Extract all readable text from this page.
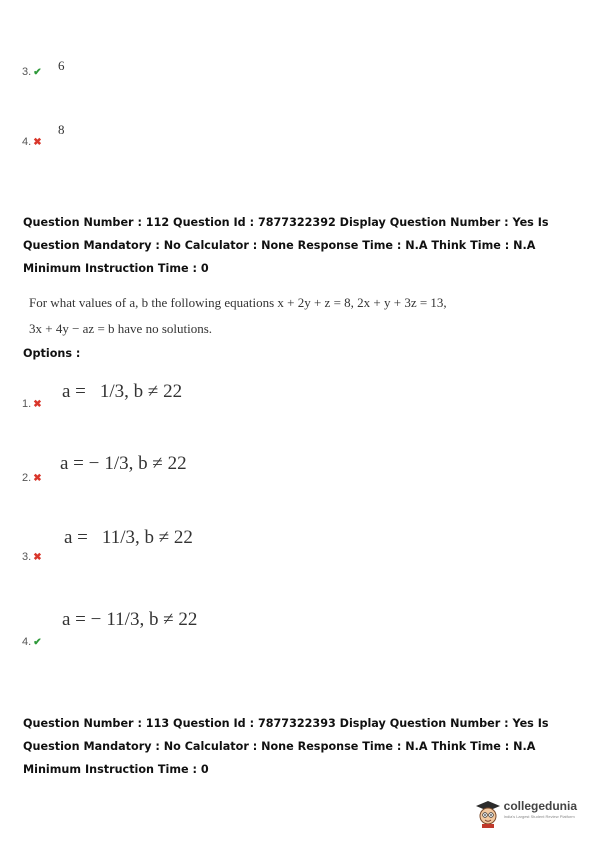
3. ✔ 6
4. ✖
8
Question Number : 112 Question Id : 7877322392 Display Question Number : Yes Is Question Mandatory : No Calculator : None Response Time : N.A Think Time : N.A Minimum Instruction Time : 0
For what values of a, b the following equations x + 2y + z = 8, 2x + y + 3z = 13,
3x + 4y − az = b have no solutions.
Options :
a = 1/3, b ≠ 22
1. ✖
a = − 1/3, b ≠ 22
2. ✖
a = 11/3, b ≠ 22
3. ✖
a = − 11/3, b ≠ 22
4. ✔
Question Number : 113 Question Id : 7877322393 Display Question Number : Yes Is Question Mandatory : No Calculator : None Response Time : N.A Think Time : N.A Minimum Instruction Time : 0
collegedunia
India's Largest Student Review Platform
